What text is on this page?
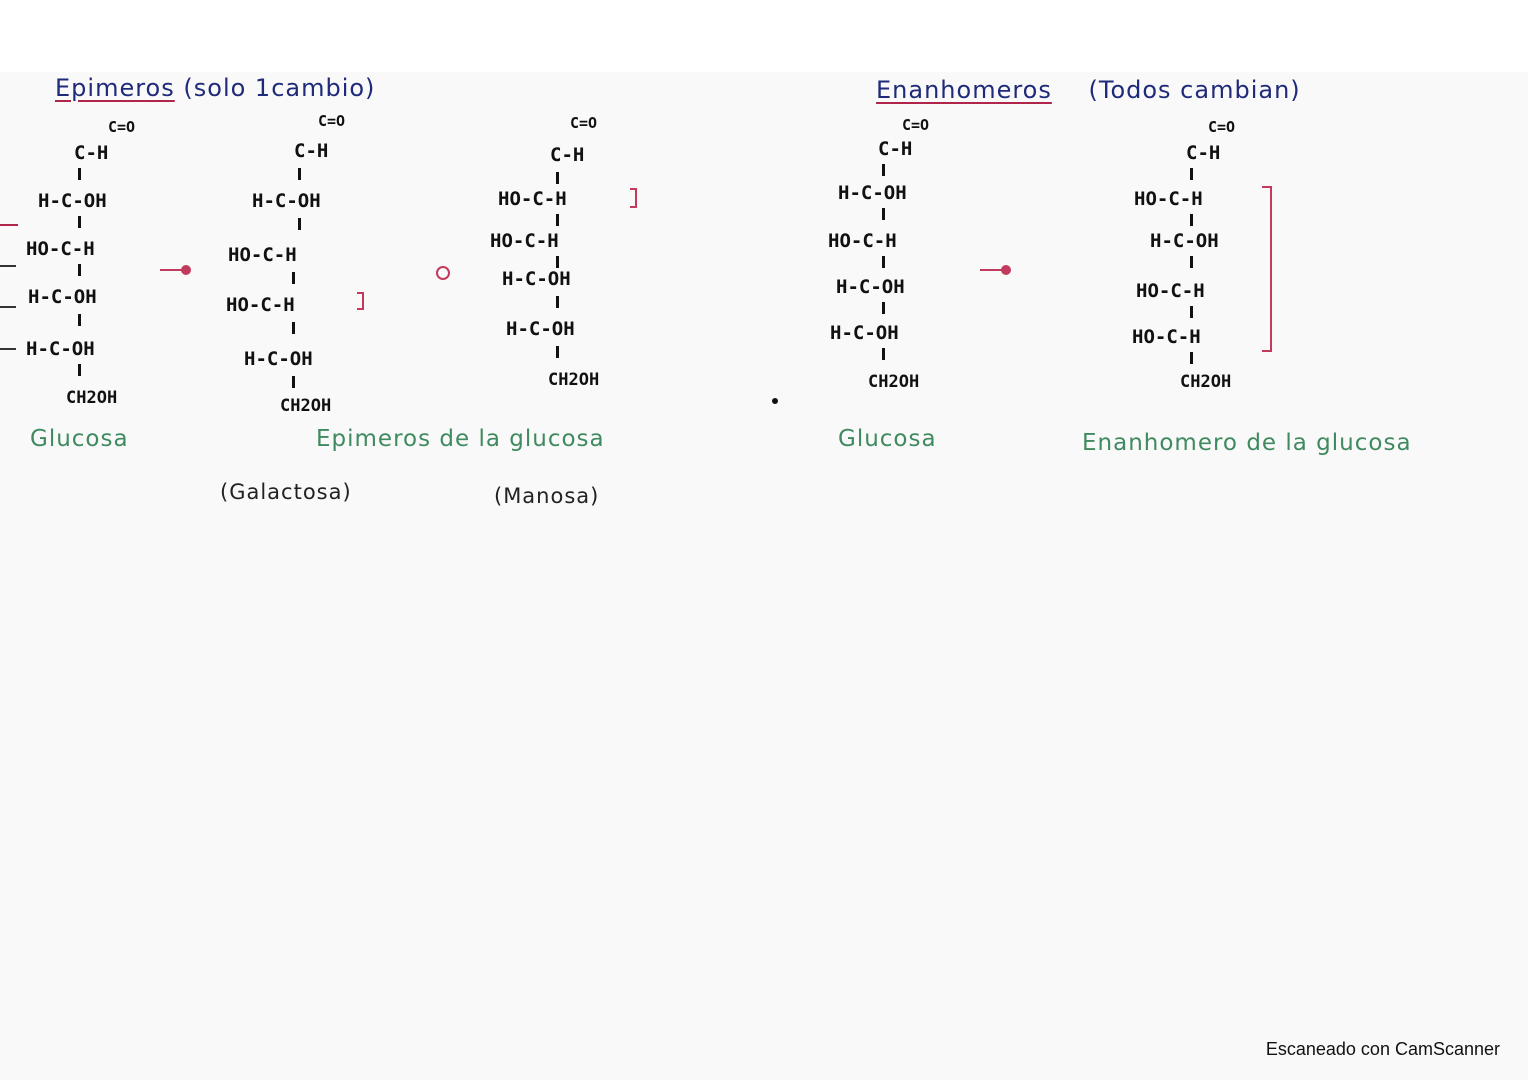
Epimeros (solo 1cambio)	Enanhomeros (Todos cambian)
C=O
C-H
H-C-OH
HO-C-H
H-C-OH
H-C-OH
CH2OH
C=O
C-H
H-C-OH
HO-C-H
HO-C-H
H-C-OH
CH2OH
C=O
C-H
HO-C-H
HO-C-H
H-C-OH
H-C-OH
CH2OH
C=O
C-H
H-C-OH
HO-C-H
H-C-OH
H-C-OH
CH2OH
C=O
C-H
HO-C-H
H-C-OH
HO-C-H
HO-C-H
CH2OH
Glucosa	Epimeros de la glucosa
(Galactosa)	(Manosa)
Glucosa	Enanhomero de la glucosa
Escaneado con CamScanner
